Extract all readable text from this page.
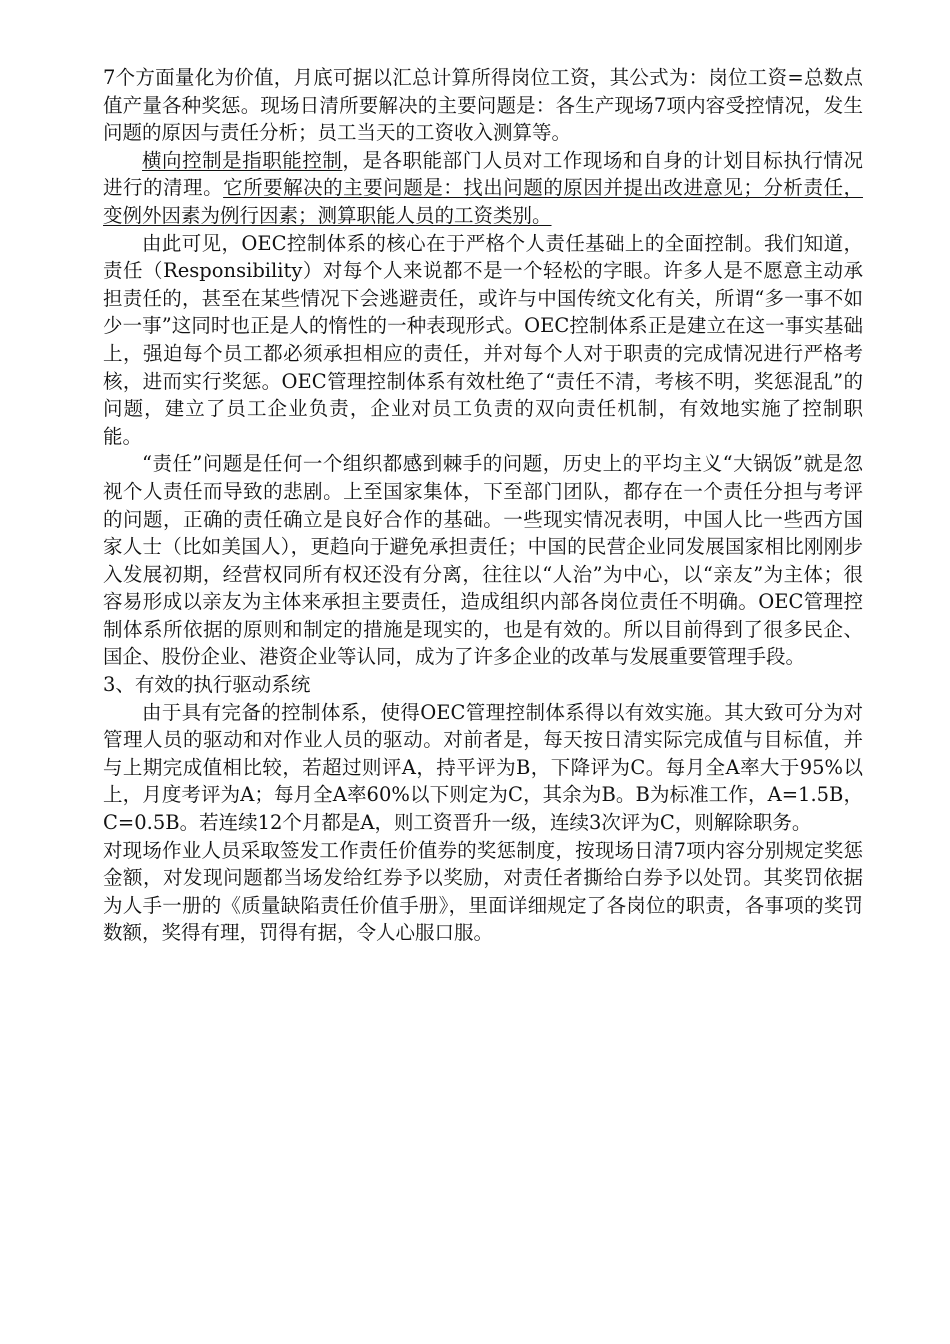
7个方面量化为价值，月底可据以汇总计算所得岗位工资，其公式为：岗位工资=总数点值产量各种奖惩。现场日清所要解决的主要问题是：各生产现场7项内容受控情况，发生问题的原因与责任分析；员工当天的工资收入测算等。

横向控制是指职能控制，是各职能部门人员对工作现场和自身的计划目标执行情况进行的清理。它所要解决的主要问题是：找出问题的原因并提出改进意见；分析责任，变例外因素为例行因素；测算职能人员的工资类别。

由此可见，OEC控制体系的核心在于严格个人责任基础上的全面控制。我们知道，责任（Responsibility）对每个人来说都不是一个轻松的字眼。许多人是不愿意主动承担责任的，甚至在某些情况下会逃避责任，或许与中国传统文化有关，所谓“多一事不如少一事”这同时也正是人的惰性的一种表现形式。OEC控制体系正是建立在这一事实基础上，强迫每个员工都必须承担相应的责任，并对每个人对于职责的完成情况进行严格考核，进而实行奖惩。OEC管理控制体系有效杜绝了“责任不清，考核不明，奖惩混乱”的问题，建立了员工企业负责，企业对员工负责的双向责任机制，有效地实施了控制职能。

“责任”问题是任何一个组织都感到棘手的问题，历史上的平均主义“大锅饭”就是忽视个人责任而导致的悲剧。上至国家集体，下至部门团队，都存在一个责任分担与考评的问题，正确的责任确立是良好合作的基础。一些现实情况表明，中国人比一些西方国家人士（比如美国人），更趋向于避免承担责任；中国的民营企业同发展国家相比刚刚步入发展初期，经营权同所有权还没有分离，往往以“人治”为中心，以“亲友”为主体；很容易形成以亲友为主体来承担主要责任，造成组织内部各岗位责任不明确。OEC管理控制体系所依据的原则和制定的措施是现实的，也是有效的。所以目前得到了很多民企、国企、股份企业、港资企业等认同，成为了许多企业的改革与发展重要管理手段。

3、有效的执行驱动系统

由于具有完备的控制体系，使得OEC管理控制体系得以有效实施。其大致可分为对管理人员的驱动和对作业人员的驱动。对前者是，每天按日清实际完成值与目标值，并与上期完成值相比较，若超过则评A，持平评为B，下降评为C。每月全A率大于95%以上，月度考评为A；每月全A率60%以下则定为C，其余为B。B为标准工作，A=1.5B，C=0.5B。若连续12个月都是A，则工资晋升一级，连续3次评为C，则解除职务。

对现场作业人员采取签发工作责任价值券的奖惩制度，按现场日清7项内容分别规定奖惩金额，对发现问题都当场发给红券予以奖励，对责任者撕给白券予以处罚。其奖罚依据为人手一册的《质量缺陷责任价值手册》，里面详细规定了各岗位的职责，各事项的奖罚数额，奖得有理，罚得有据，令人心服口服。
